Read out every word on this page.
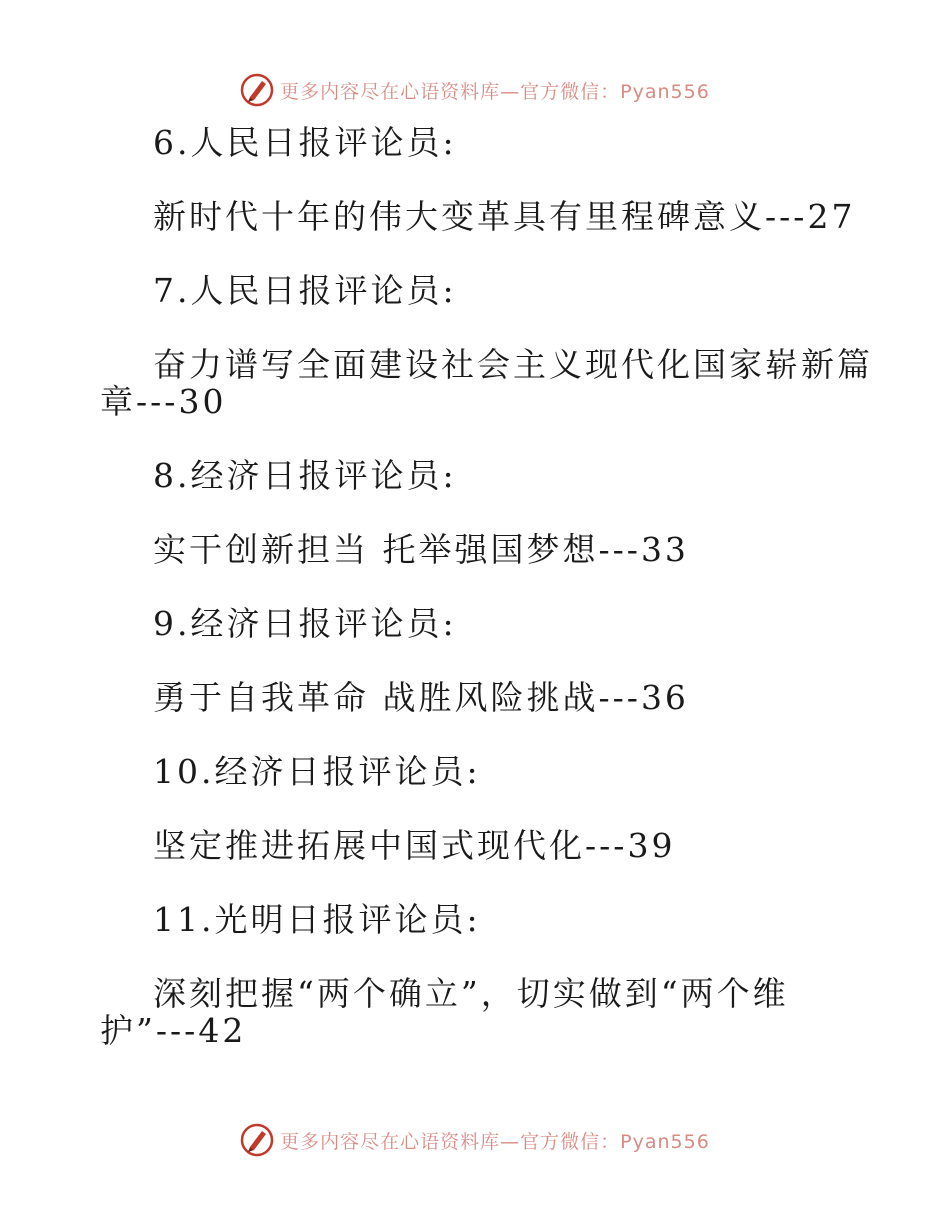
更多内容尽在心语资料库—官方微信：Pyan556
6.人民日报评论员:
新时代十年的伟大变革具有里程碑意义---27
7.人民日报评论员:
奋力谱写全面建设社会主义现代化国家崭新篇
章---30
8.经济日报评论员:
实干创新担当 托举强国梦想---33
9.经济日报评论员:
勇于自我革命 战胜风险挑战---36
10.经济日报评论员:
坚定推进拓展中国式现代化---39
11.光明日报评论员:
深刻把握“两个确立”，切实做到“两个维
护”---42
更多内容尽在心语资料库—官方微信：Pyan556
